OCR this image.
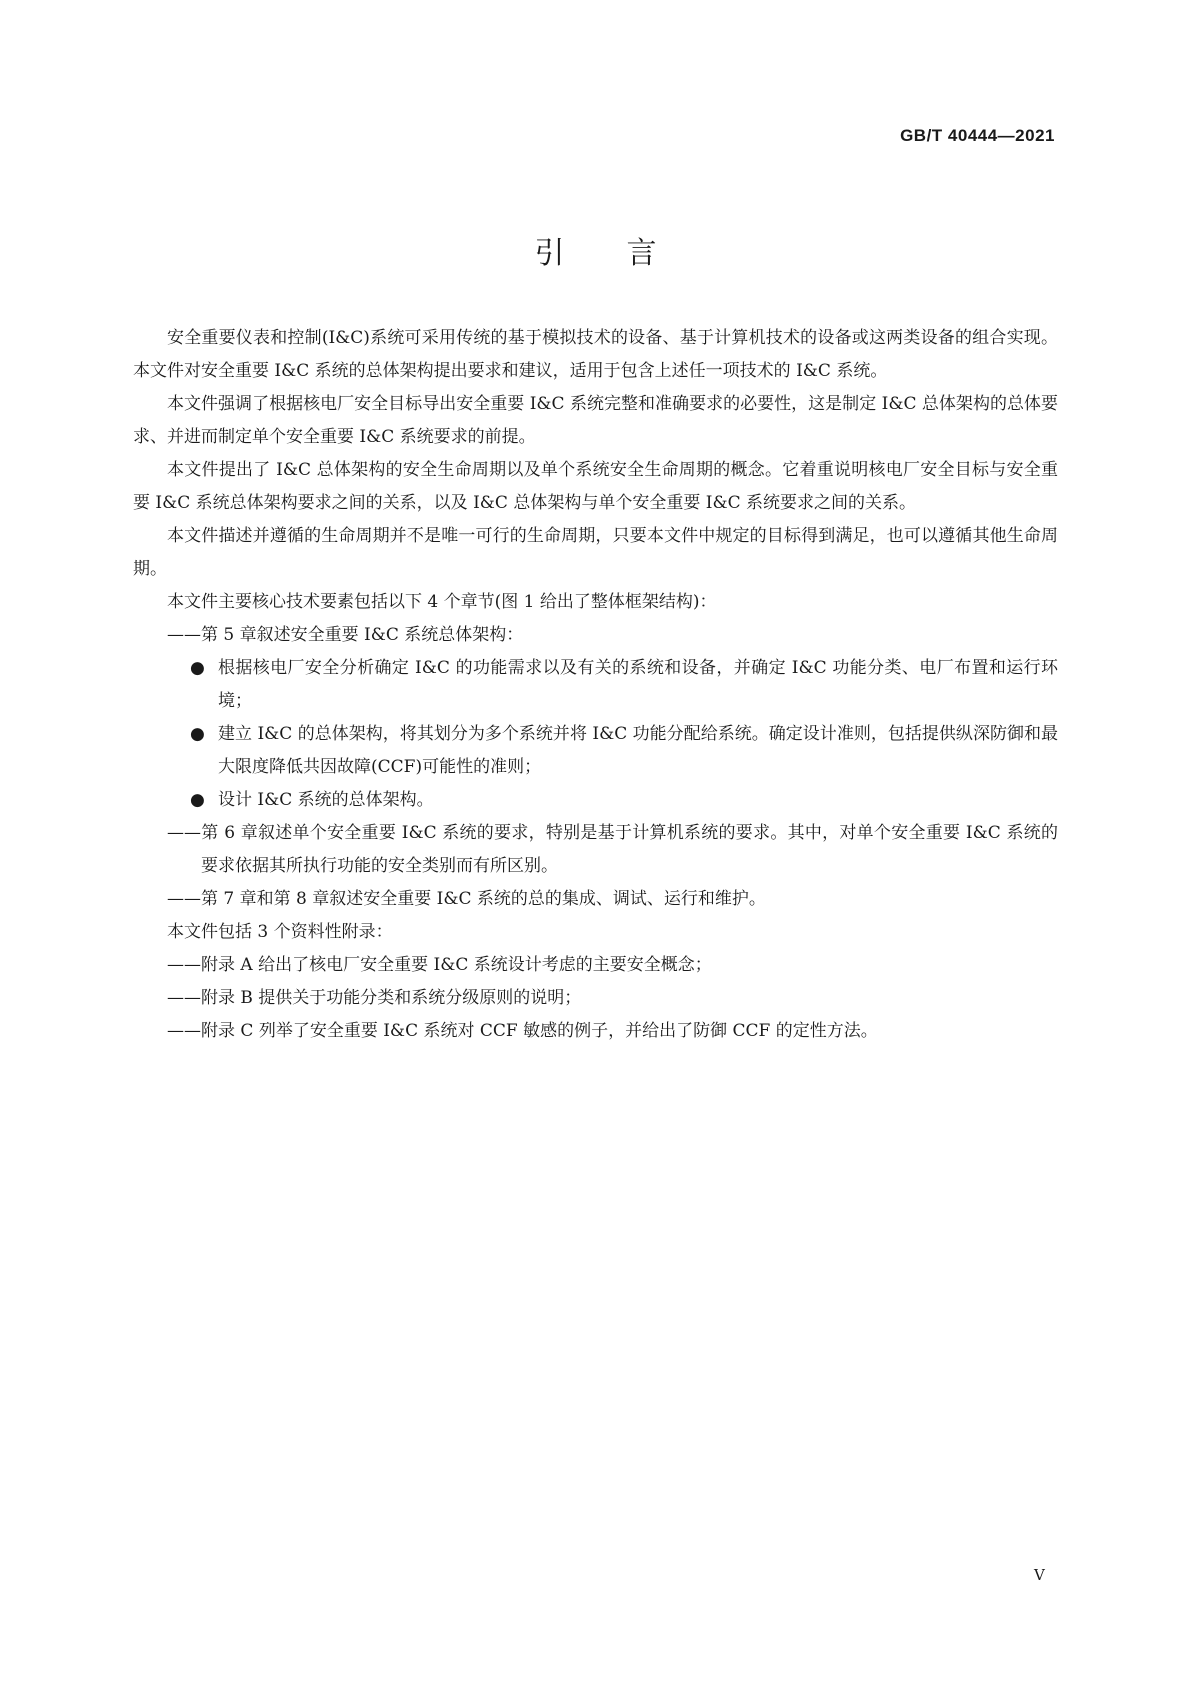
GB/T 40444—2021
引言

安全重要仪表和控制(I&C)系统可采用传统的基于模拟技术的设备、基于计算机技术的设备或这两类设备的组合实现。本文件对安全重要 I&C 系统的总体架构提出要求和建议，适用于包含上述任一项技术的 I&C 系统。

本文件强调了根据核电厂安全目标导出安全重要 I&C 系统完整和准确要求的必要性，这是制定 I&C 总体架构的总体要求、并进而制定单个安全重要 I&C 系统要求的前提。

本文件提出了 I&C 总体架构的安全生命周期以及单个系统安全生命周期的概念。它着重说明核电厂安全目标与安全重要 I&C 系统总体架构要求之间的关系，以及 I&C 总体架构与单个安全重要 I&C 系统要求之间的关系。

本文件描述并遵循的生命周期并不是唯一可行的生命周期，只要本文件中规定的目标得到满足，也可以遵循其他生命周期。

本文件主要核心技术要素包括以下 4 个章节(图 1 给出了整体框架结构)：

——第 5 章叙述安全重要 I&C 系统总体架构：

● 根据核电厂安全分析确定 I&C 的功能需求以及有关的系统和设备，并确定 I&C 功能分类、电厂布置和运行环境；
● 建立 I&C 的总体架构，将其划分为多个系统并将 I&C 功能分配给系统。确定设计准则，包括提供纵深防御和最大限度降低共因故障(CCF)可能性的准则；
● 设计 I&C 系统的总体架构。

——第 6 章叙述单个安全重要 I&C 系统的要求，特别是基于计算机系统的要求。其中，对单个安全重要 I&C 系统的要求依据其所执行功能的安全类别而有所区别。

——第 7 章和第 8 章叙述安全重要 I&C 系统的总的集成、调试、运行和维护。

本文件包括 3 个资料性附录：

——附录 A 给出了核电厂安全重要 I&C 系统设计考虑的主要安全概念；

——附录 B 提供关于功能分类和系统分级原则的说明；

——附录 C 列举了安全重要 I&C 系统对 CCF 敏感的例子，并给出了防御 CCF 的定性方法。

V
